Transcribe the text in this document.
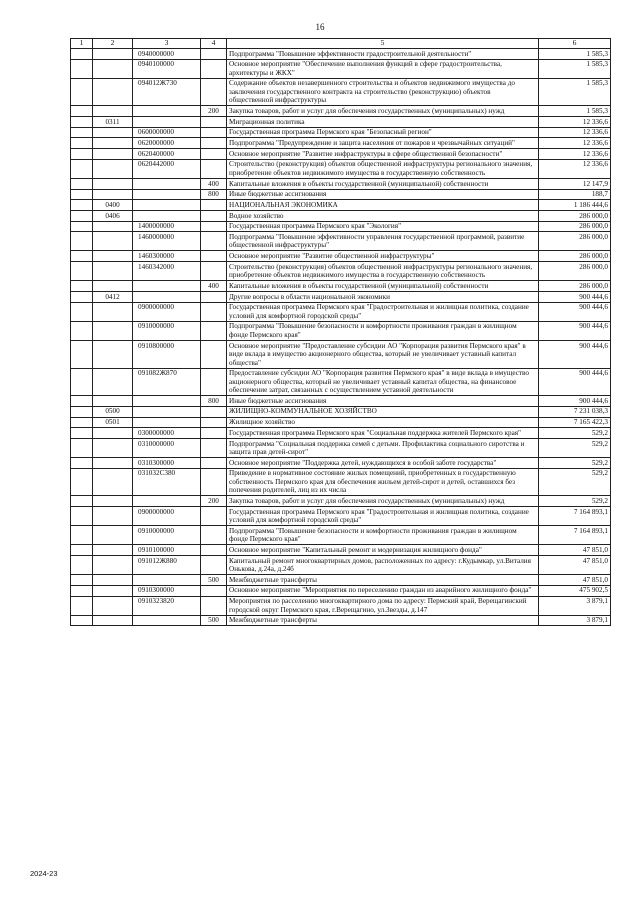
16
1	2	3	4	5	6
		0940000000		Подпрограмма "Повышение эффективности градостроительной деятельности"	1 585,3
		0940100000		Основное мероприятие "Обеспечение выполнения функций в сфере градостроительства, архитектуры и ЖКХ"	1 585,3
		094012Ж730		Содержание объектов незавершенного строительства и объектов недвижимого имущества до заключения государственного контракта на строительство (реконструкцию) объектов общественной инфраструктуры	1 585,3
			200	Закупка товаров, работ и услуг для обеспечения государственных (муниципальных) нужд	1 585,3
	0311			Миграционная политика	12 336,6
		0600000000		Государственная программа Пермского края "Безопасный регион"	12 336,6
		0620000000		Подпрограмма "Предупреждение и защита населения от пожаров и чрезвычайных ситуаций"	12 336,6
		0620400000		Основное мероприятие "Развитие инфраструктуры в сфере общественной безопасности"	12 336,6
		0620442000		Строительство (реконструкция) объектов общественной инфраструктуры регионального значения, приобретение объектов недвижимого имущества в государственную собственность	12 336,6
			400	Капитальные вложения в объекты государственной (муниципальной) собственности	12 147,9
			800	Иные бюджетные ассигнования	188,7
	0400			НАЦИОНАЛЬНАЯ ЭКОНОМИКА	1 186 444,6
	0406			Водное хозяйство	286 000,0
		1400000000		Государственная программа Пермского края "Экология"	286 000,0
		1460000000		Подпрограмма "Повышение эффективности управления государственной программой, развитие общественной инфраструктуры"	286 000,0
		1460300000		Основное мероприятие "Развитие общественной инфраструктуры"	286 000,0
		1460342000		Строительство (реконструкция) объектов общественной инфраструктуры регионального значения, приобретение объектов недвижимого имущества в государственную собственность	286 000,0
			400	Капитальные вложения в объекты государственной (муниципальной) собственности	286 000,0
	0412			Другие вопросы в области национальной экономики	900 444,6
		0900000000		Государственная программа Пермского края "Градостроительная и жилищная политика, создание условий для комфортной городской среды"	900 444,6
		0910000000		Подпрограмма "Повышение безопасности и комфортности проживания граждан в жилищном фонде Пермского края"	900 444,6
		0910800000		Основное мероприятие "Предоставление субсидии АО "Корпорация развития Пермского края" в виде вклада в имущество акционерного общества, который не увеличивает уставный капитал общества"	900 444,6
		091082Ж870		Предоставление субсидии АО "Корпорация развития Пермского края" в виде вклада в имущество акционерного общества, который не увеличивает уставный капитал общества, на финансовое обеспечение затрат, связанных с осуществлением уставной деятельности	900 444,6
			800	Иные бюджетные ассигнования	900 444,6
	0500			ЖИЛИЩНО-КОММУНАЛЬНОЕ ХОЗЯЙСТВО	7 231 038,3
	0501			Жилищное хозяйство	7 165 422,3
		0300000000		Государственная программа Пермского края "Социальная поддержка жителей Пермского края"	529,2
		0310000000		Подпрограмма "Социальная поддержка семей с детьми. Профилактика социального сиротства и защита прав детей-сирот"	529,2
		0310300000		Основное мероприятие "Поддержка детей, нуждающихся в особой заботе государства"	529,2
		031032С380		Приведение в нормативное состояние жилых помещений, приобретенных в государственную собственность Пермского края для обеспечения жильем детей-сирот и детей, оставшихся без попечения родителей, лиц из их числа	529,2
			200	Закупка товаров, работ и услуг для обеспечения государственных (муниципальных) нужд	529,2
		0900000000		Государственная программа Пермского края "Градостроительная и жилищная политика, создание условий для комфортной городской среды"	7 164 893,1
		0910000000		Подпрограмма "Повышение безопасности и комфортности проживания граждан в жилищном фонде Пермского края"	7 164 893,1
		0910100000		Основное мероприятие "Капитальный ремонт и модернизация жилищного фонда"	47 851,0
		091012Ж880		Капитальный ремонт многоквартирных домов, расположенных по адресу: г.Кудымкар, ул.Виталия Онькова, д.24а, д.24б	47 851,0
			500	Межбюджетные трансферты	47 851,0
		0910300000		Основное мероприятие "Мероприятия по переселению граждан из аварийного жилищного фонда"	475 902,5
		0910323820		Мероприятия по расселению многоквартирного дома по адресу: Пермский край, Верещагинский городской округ Пермского края, г.Верещагино, ул.Звезды, д.147	3 879,1
			500	Межбюджетные трансферты	3 879,1
2024-23
